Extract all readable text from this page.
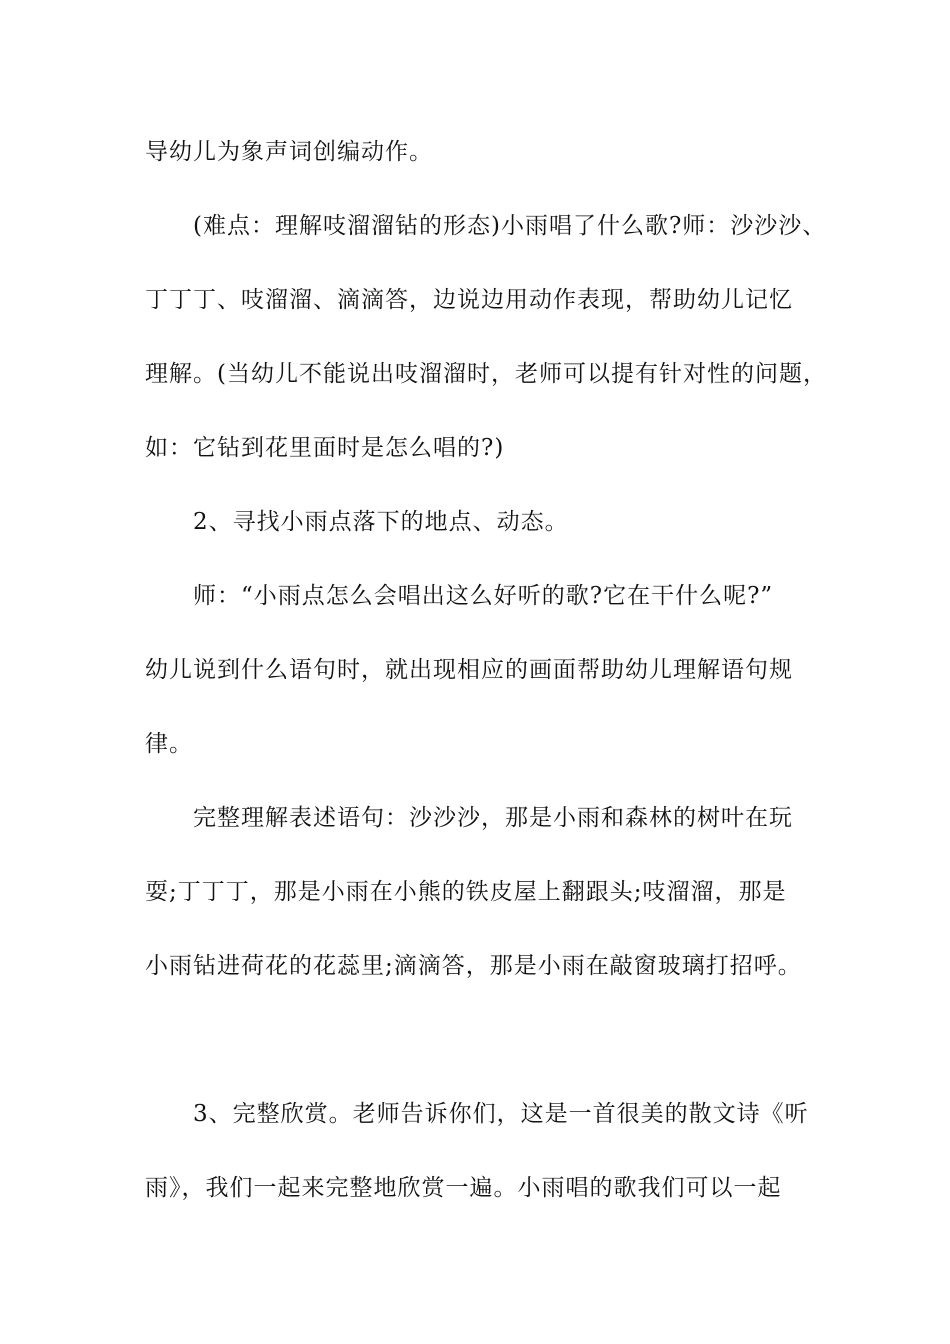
导幼儿为象声词创编动作。
(难点：理解吱溜溜钻的形态)小雨唱了什么歌?师：沙沙沙、
丁丁丁、吱溜溜、滴滴答，边说边用动作表现，帮助幼儿记忆
理解。(当幼儿不能说出吱溜溜时，老师可以提有针对性的问题，
如：它钻到花里面时是怎么唱的?)
2、寻找小雨点落下的地点、动态。
师：“小雨点怎么会唱出这么好听的歌?它在干什么呢?”
幼儿说到什么语句时，就出现相应的画面帮助幼儿理解语句规
律。
完整理解表述语句：沙沙沙，那是小雨和森林的树叶在玩
耍;丁丁丁，那是小雨在小熊的铁皮屋上翻跟头;吱溜溜，那是
小雨钻进荷花的花蕊里;滴滴答，那是小雨在敲窗玻璃打招呼。
3、完整欣赏。老师告诉你们，这是一首很美的散文诗《听
雨》，我们一起来完整地欣赏一遍。小雨唱的歌我们可以一起
